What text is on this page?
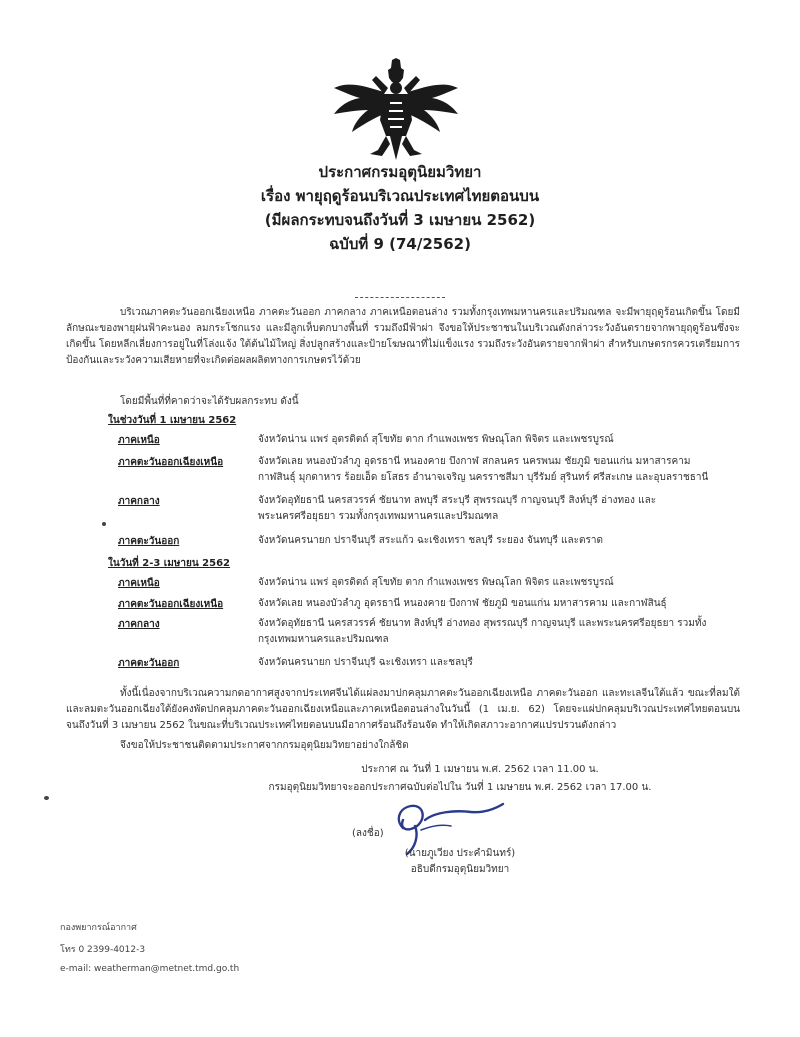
ประกาศกรมอุตุนิยมวิทยา
เรื่อง พายุฤดูร้อนบริเวณประเทศไทยตอนบน
(มีผลกระทบจนถึงวันที่ 3 เมษายน 2562)
ฉบับที่ 9 (74/2562)
บริเวณภาคตะวันออกเฉียงเหนือ ภาคตะวันออก ภาคกลาง ภาคเหนือตอนล่าง รวมทั้งกรุงเทพมหานครและปริมณฑล จะมีพายุฤดูร้อนเกิดขึ้น โดยมีลักษณะของพายุฝนฟ้าคะนอง ลมกระโชกแรง และมีลูกเห็บตกบางพื้นที่ รวมถึงมีฟ้าผ่า จึงขอให้ประชาชนในบริเวณดังกล่าวระวังอันตรายจากพายุฤดูร้อนซึ่งจะเกิดขึ้น โดยหลีกเลี่ยงการอยู่ในที่โล่งแจ้ง ใต้ต้นไม้ใหญ่ สิ่งปลูกสร้างและป้ายโฆษณาที่ไม่แข็งแรง รวมถึงระวังอันตรายจากฟ้าผ่า สำหรับเกษตรกรควรเตรียมการป้องกันและระวังความเสียหายที่จะเกิดต่อผลผลิตทางการเกษตรไว้ด้วย
โดยมีพื้นที่ที่คาดว่าจะได้รับผลกระทบ ดังนี้
ในช่วงวันที่ 1 เมษายน 2562
ภาคเหนือ	จังหวัดน่าน แพร่ อุตรดิตถ์ สุโขทัย ตาก กำแพงเพชร พิษณุโลก พิจิตร และเพชรบูรณ์
ภาคตะวันออกเฉียงเหนือ	จังหวัดเลย หนองบัวลำภู อุดรธานี หนองคาย บึงกาฬ สกลนคร นครพนม ชัยภูมิ ขอนแก่น มหาสารคาม กาฬสินธุ์ มุกดาหาร ร้อยเอ็ด ยโสธร อำนาจเจริญ นครราชสีมา บุรีรัมย์ สุรินทร์ ศรีสะเกษ และอุบลราชธานี
ภาคกลาง	จังหวัดอุทัยธานี นครสวรรค์ ชัยนาท ลพบุรี สระบุรี สุพรรณบุรี กาญจนบุรี สิงห์บุรี อ่างทอง และพระนครศรีอยุธยา รวมทั้งกรุงเทพมหานครและปริมณฑล
ภาคตะวันออก	จังหวัดนครนายก ปราจีนบุรี สระแก้ว ฉะเชิงเทรา ชลบุรี ระยอง จันทบุรี และตราด
ในวันที่ 2-3 เมษายน 2562
ภาคเหนือ	จังหวัดน่าน แพร่ อุตรดิตถ์ สุโขทัย ตาก กำแพงเพชร พิษณุโลก พิจิตร และเพชรบูรณ์
ภาคตะวันออกเฉียงเหนือ	จังหวัดเลย หนองบัวลำภู อุดรธานี หนองคาย บึงกาฬ ชัยภูมิ ขอนแก่น มหาสารคาม และกาฬสินธุ์
ภาคกลาง	จังหวัดอุทัยธานี นครสวรรค์ ชัยนาท สิงห์บุรี อ่างทอง สุพรรณบุรี กาญจนบุรี และพระนครศรีอยุธยา รวมทั้งกรุงเทพมหานครและปริมณฑล
ภาคตะวันออก	จังหวัดนครนายก ปราจีนบุรี ฉะเชิงเทรา และชลบุรี
ทั้งนี้เนื่องจากบริเวณความกดอากาศสูงจากประเทศจีนได้แผ่ลงมาปกคลุมภาคตะวันออกเฉียงเหนือ ภาคตะวันออก และทะเลจีนใต้แล้ว ขณะที่ลมใต้และลมตะวันออกเฉียงใต้ยังคงพัดปกคลุมภาคตะวันออกเฉียงเหนือและภาคเหนือตอนล่างในวันนี้ (1 เม.ย. 62) โดยจะแผ่ปกคลุมบริเวณประเทศไทยตอนบนจนถึงวันที่ 3 เมษายน 2562 ในขณะที่บริเวณประเทศไทยตอนบนมีอากาศร้อนถึงร้อนจัด ทำให้เกิดสภาวะอากาศแปรปรวนดังกล่าว
จึงขอให้ประชาชนติดตามประกาศจากกรมอุตุนิยมวิทยาอย่างใกล้ชิด
ประกาศ ณ วันที่ 1 เมษายน พ.ศ. 2562 เวลา 11.00 น.
กรมอุตุนิยมวิทยาจะออกประกาศฉบับต่อไปใน วันที่ 1 เมษายน พ.ศ. 2562 เวลา 17.00 น.
(ลงชื่อ)
(นายภูเวียง ประคำมินทร์)
อธิบดีกรมอุตุนิยมวิทยา
กองพยากรณ์อากาศ
โทร 0 2399-4012-3
e-mail: weatherman@metnet.tmd.go.th
